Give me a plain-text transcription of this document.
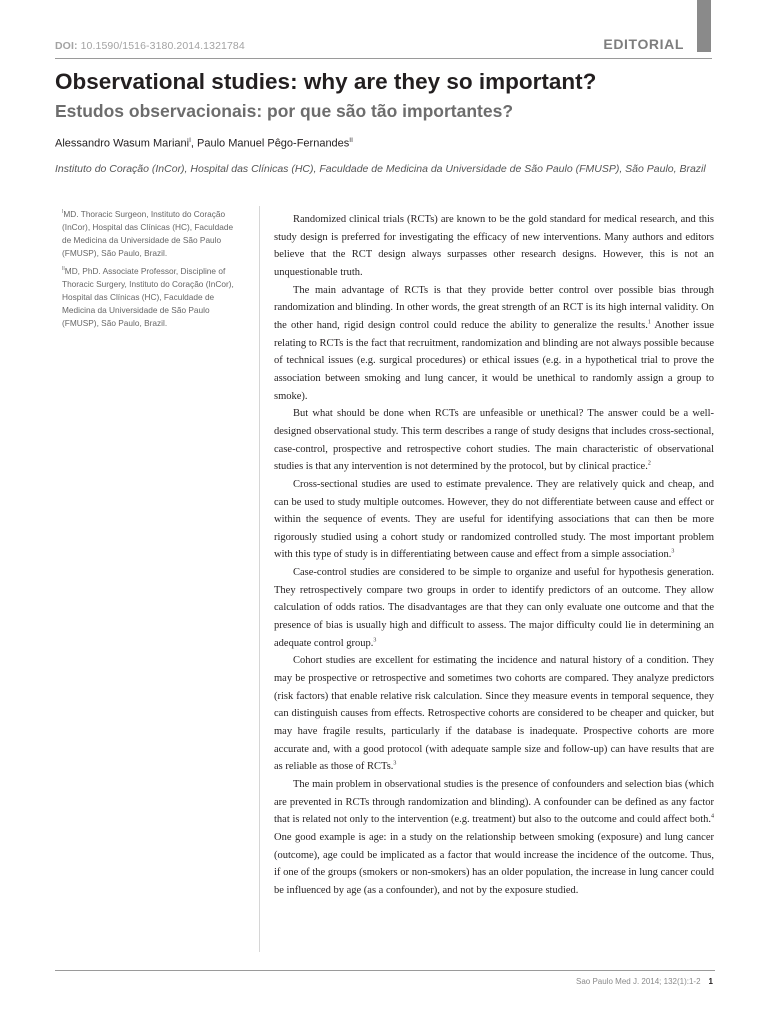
DOI: 10.1590/1516-3180.2014.1321784	EDITORIAL
Observational studies: why are they so important?
Estudos observacionais: por que são tão importantes?
Alessandro Wasum Mariani$^I$, Paulo Manuel Pêgo-Fernandes$^{II}$
Instituto do Coração (InCor), Hospital das Clínicas (HC), Faculdade de Medicina da Universidade de São Paulo (FMUSP), São Paulo, Brazil

$^I$MD. Thoracic Surgeon, Instituto do Coração (InCor), Hospital das Clínicas (HC), Faculdade de Medicina da Universidade de São Paulo (FMUSP), São Paulo, Brazil.

$^{II}$MD, PhD. Associate Professor, Discipline of Thoracic Surgery, Instituto do Coração (InCor), Hospital das Clínicas (HC), Faculdade de Medicina da Universidade de São Paulo (FMUSP), São Paulo, Brazil.

Randomized clinical trials (RCTs) are known to be the gold standard for medical research, and this study design is preferred for investigating the efficacy of new interventions. Many authors and editors believe that the RCT design always surpasses other research designs. However, this is not an unquestionable truth.

The main advantage of RCTs is that they provide better control over possible bias through randomization and blinding. In other words, the great strength of an RCT is its high internal validity. On the other hand, rigid design control could reduce the ability to generalize the results.$^1$ Another issue relating to RCTs is the fact that recruitment, randomization and blinding are not always possible because of technical issues (e.g. surgical procedures) or ethical issues (e.g. in a hypothetical trial to prove the association between smoking and lung cancer, it would be unethical to randomly assign a group to smoke).

But what should be done when RCTs are unfeasible or unethical? The answer could be a well-designed observational study. This term describes a range of study designs that includes cross-sectional, case-control, prospective and retrospective cohort studies. The main characteristic of observational studies is that any intervention is not determined by the protocol, but by clinical practice.$^2$

Cross-sectional studies are used to estimate prevalence. They are relatively quick and cheap, and can be used to study multiple outcomes. However, they do not differentiate between cause and effect or within the sequence of events. They are useful for identifying associations that can then be more rigorously studied using a cohort study or randomized controlled study. The most important problem with this type of study is in differentiating between cause and effect from a simple association.$^3$

Case-control studies are considered to be simple to organize and useful for hypothesis generation. They retrospectively compare two groups in order to identify predictors of an outcome. They allow calculation of odds ratios. The disadvantages are that they can only evaluate one outcome and that the presence of bias is usually high and difficult to assess. The major difficulty could lie in determining an adequate control group.$^3$

Cohort studies are excellent for estimating the incidence and natural history of a condition. They may be prospective or retrospective and sometimes two cohorts are compared. They analyze predictors (risk factors) that enable relative risk calculation. Since they measure events in temporal sequence, they can distinguish causes from effects. Retrospective cohorts are considered to be cheaper and quicker, but may have fragile results, particularly if the database is inadequate. Prospective cohorts are more accurate and, with a good protocol (with adequate sample size and follow-up) can have results that are as reliable as those of RCTs.$^3$

The main problem in observational studies is the presence of confounders and selection bias (which are prevented in RCTs through randomization and blinding). A confounder can be defined as any factor that is related not only to the intervention (e.g. treatment) but also to the outcome and could affect both.$^4$ One good example is age: in a study on the relationship between smoking (exposure) and lung cancer (outcome), age could be implicated as a factor that would increase the incidence of the outcome. Thus, if one of the groups (smokers or non-smokers) has an older population, the increase in lung cancer could be influenced by age (as a confounder), and not by the exposure studied.

Sao Paulo Med J. 2014; 132(1):1-2 1
